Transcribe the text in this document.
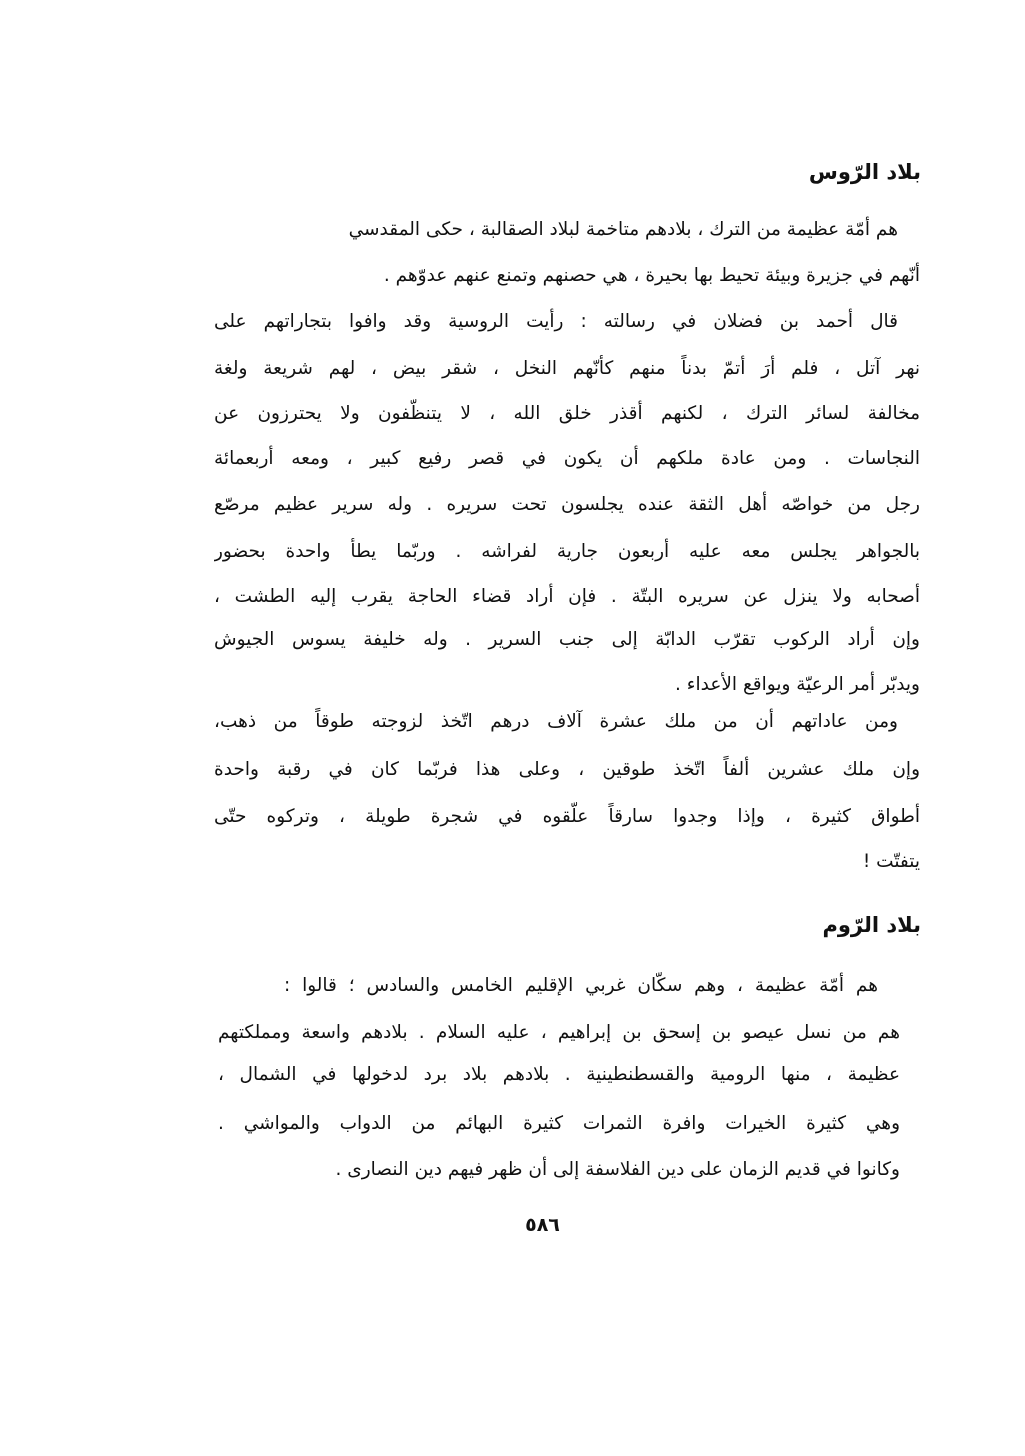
بلاد الرّوس
هم أمّة عظيمة من الترك ، بلادهم متاخمة لبلاد الصقالبة ، حكى المقدسي
أنّهم في جزيرة وبيئة تحيط بها بحيرة ، هي حصنهم وتمنع عنهم عدوّهم .
قال أحمد بن فضلان في رسالته : رأيت الروسية وقد وافوا بتجاراتهم على
نهر آتل ، فلم أرَ أتمّ بدناً منهم كأنّهم النخل ، شقر بيض ، لهم شريعة ولغة
مخالفة لسائر الترك ، لكنهم أقذر خلق الله ، لا يتنظّفون ولا يحترزون عن
النجاسات . ومن عادة ملكهم أن يكون في قصر رفيع كبير ، ومعه أربعمائة
رجل من خواصّه أهل الثقة عنده يجلسون تحت سريره . وله سرير عظيم مرصّع
بالجواهر يجلس معه عليه أربعون جارية لفراشه . وربّما يطأ واحدة بحضور
أصحابه ولا ينزل عن سريره البتّة . فإن أراد قضاء الحاجة يقرب إليه الطشت ،
وإن أراد الركوب تقرّب الدابّة إلى جنب السرير . وله خليفة يسوس الجيوش
ويدبّر أمر الرعيّة ويواقع الأعداء .
ومن عاداتهم أن من ملك عشرة آلاف درهم اتّخذ لزوجته طوقاً من ذهب،
وإن ملك عشرين ألفاً اتّخذ طوقين ، وعلى هذا فربّما كان في رقبة واحدة
أطواق كثيرة ، وإذا وجدوا سارقاً علّقوه في شجرة طويلة ، وتركوه حتّى
يتفتّت !
بلاد الرّوم
هم أمّة عظيمة ، وهم سكّان غربي الإقليم الخامس والسادس ؛ قالوا :
هم من نسل عيصو بن إسحق بن إبراهيم ، عليه السلام . بلادهم واسعة ومملكتهم
عظيمة ، منها الرومية والقسطنطينية . بلادهم بلاد برد لدخولها في الشمال ،
وهي كثيرة الخيرات وافرة الثمرات كثيرة البهائم من الدواب والمواشي .
وكانوا في قديم الزمان على دين الفلاسفة إلى أن ظهر فيهم دين النصارى .
٥٨٦
